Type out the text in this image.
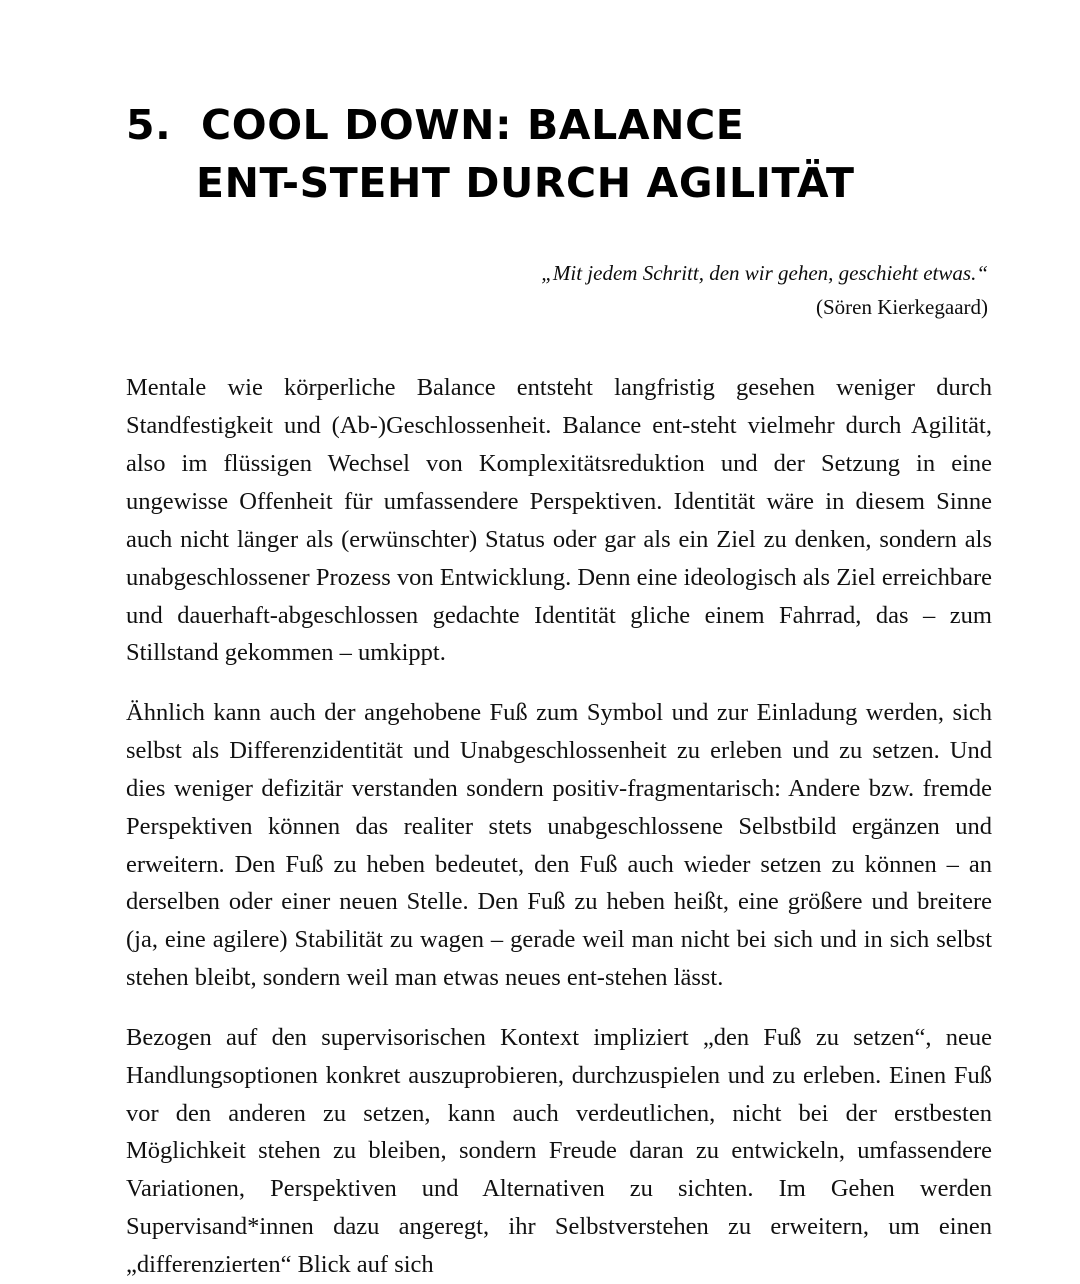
5.  COOL DOWN: BALANCE
ENT-STEHT DURCH AGILITÄT
„Mit jedem Schritt, den wir gehen, geschieht etwas.“
(Sören Kierkegaard)

Mentale wie körperliche Balance entsteht langfristig gesehen weniger durch Standfestigkeit und (Ab-)Geschlossenheit. Balance ent-steht vielmehr durch Agilität, also im flüssigen Wechsel von Komplexitätsreduktion und der Setzung in eine ungewisse Offenheit für umfassendere Perspektiven. Identität wäre in diesem Sinne auch nicht länger als (erwünschter) Status oder gar als ein Ziel zu denken, sondern als unabgeschlossener Prozess von Entwicklung. Denn eine ideologisch als Ziel erreichbare und dauerhaft-abgeschlossen gedachte Identität gliche einem Fahrrad, das – zum Stillstand gekommen – umkippt.

Ähnlich kann auch der angehobene Fuß zum Symbol und zur Einladung werden, sich selbst als Differenzidentität und Unabgeschlossenheit zu erleben und zu setzen. Und dies weniger defizitär verstanden sondern positiv-fragmentarisch: Andere bzw. fremde Perspektiven können das realiter stets unabgeschlossene Selbstbild ergänzen und erweitern. Den Fuß zu heben bedeutet, den Fuß auch wieder setzen zu können – an derselben oder einer neuen Stelle. Den Fuß zu heben heißt, eine größere und breitere (ja, eine agilere) Stabilität zu wagen – gerade weil man nicht bei sich und in sich selbst stehen bleibt, sondern weil man etwas neues ent-stehen lässt.

Bezogen auf den supervisorischen Kontext impliziert „den Fuß zu setzen“, neue Handlungsoptionen konkret auszuprobieren, durchzuspielen und zu erleben. Einen Fuß vor den anderen zu setzen, kann auch verdeutlichen, nicht bei der erstbesten Möglichkeit stehen zu bleiben, sondern Freude daran zu entwickeln, umfassendere Variationen, Perspektiven und Alternativen zu sichten. Im Gehen werden Supervisand*innen dazu angeregt, ihr Selbstverstehen zu erweitern, um einen „differenzierten“ Blick auf sich
